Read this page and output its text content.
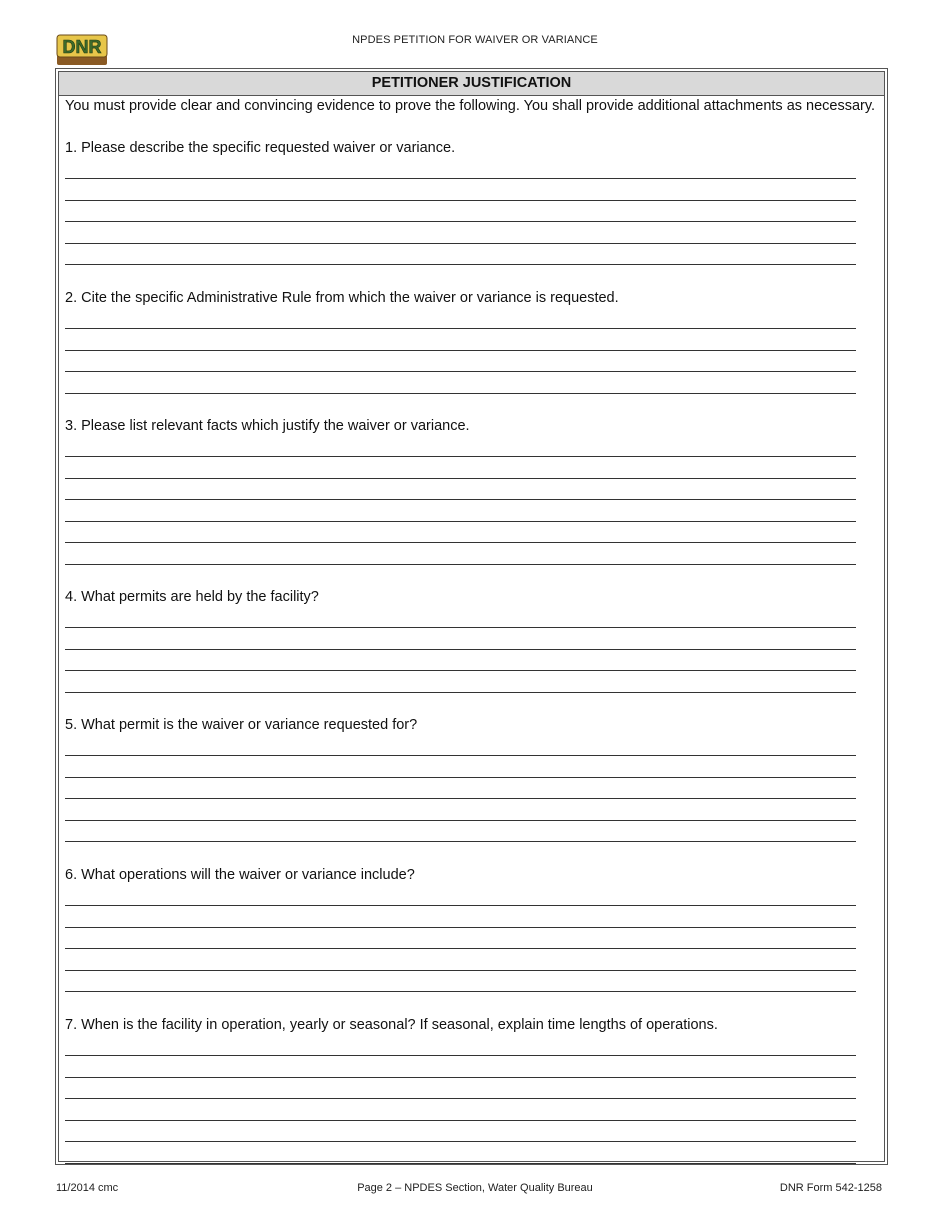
DNR	NPDES PETITION FOR WAIVER OR VARIANCE
PETITIONER JUSTIFICATION
You must provide clear and convincing evidence to prove the following. You shall provide additional attachments as necessary.
1. Please describe the specific requested waiver or variance.
2. Cite the specific Administrative Rule from which the waiver or variance is requested.
3. Please list relevant facts which justify the waiver or variance.
4. What permits are held by the facility?
5. What permit is the waiver or variance requested for?
6. What operations will the waiver or variance include?
7. When is the facility in operation, yearly or seasonal? If seasonal, explain time lengths of operations.
11/2014 cmc	Page 2 – NPDES Section, Water Quality Bureau	DNR Form 542-1258
